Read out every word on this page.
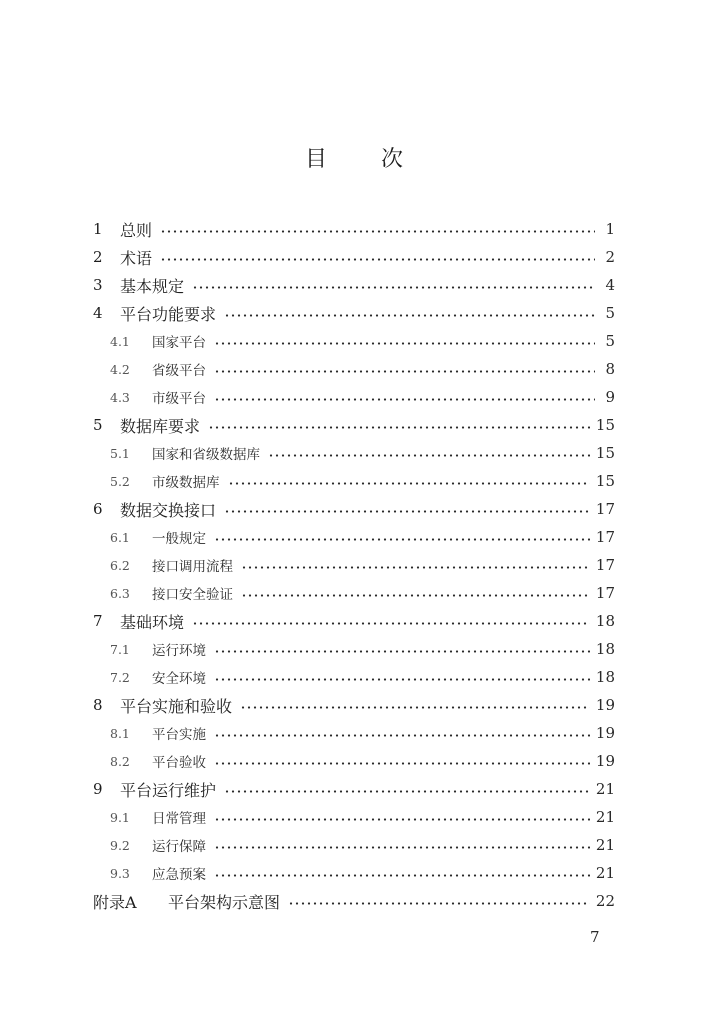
目次
1	总则	1
2	术语	2
3	基本规定	4
4	平台功能要求	5
4.1	国家平台	5
4.2	省级平台	8
4.3	市级平台	9
5	数据库要求	15
5.1	国家和省级数据库	15
5.2	市级数据库	15
6	数据交换接口	17
6.1	一般规定	17
6.2	接口调用流程	17
6.3	接口安全验证	17
7	基础环境	18
7.1	运行环境	18
7.2	安全环境	18
8	平台实施和验收	19
8.1	平台实施	19
8.2	平台验收	19
9	平台运行维护	21
9.1	日常管理	21
9.2	运行保障	21
9.3	应急预案	21
附录A	平台架构示意图	22
7
